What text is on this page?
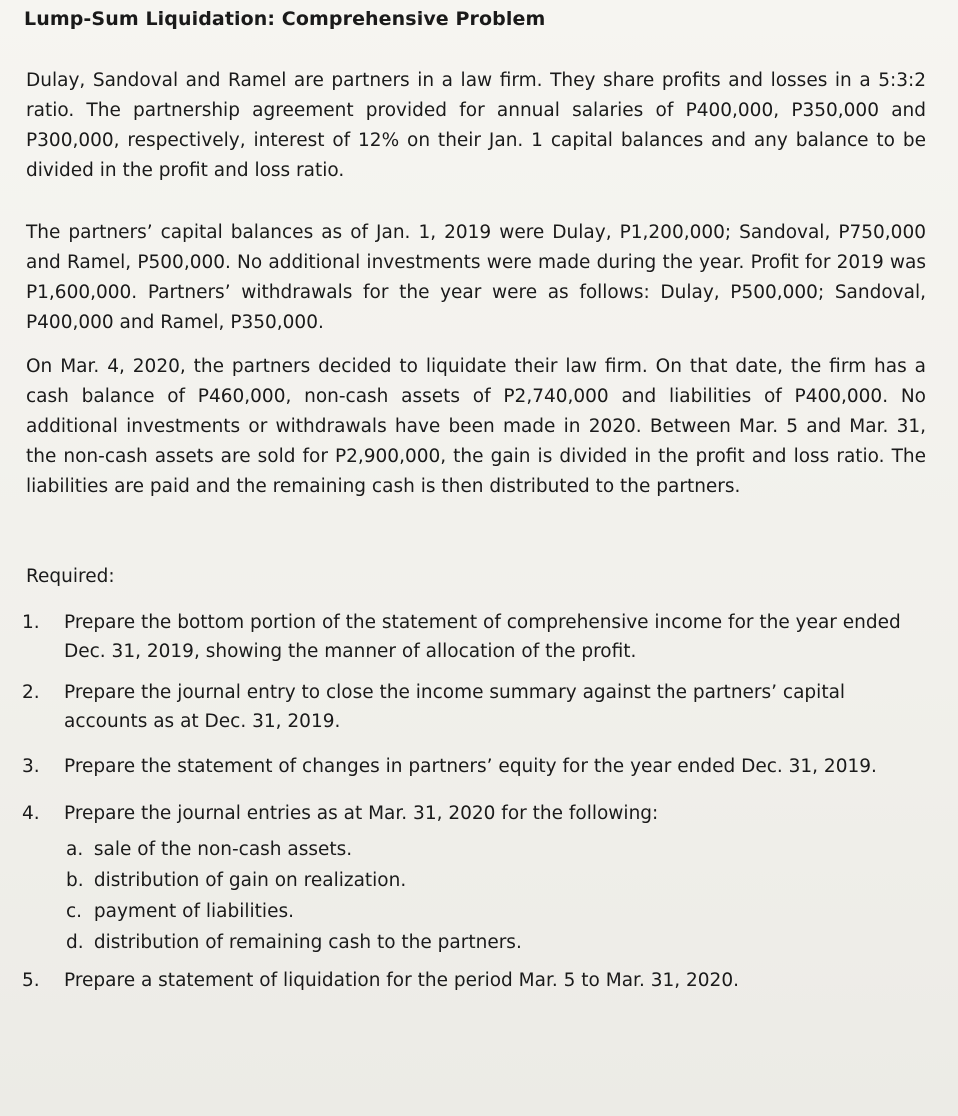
Lump-Sum Liquidation: Comprehensive Problem

Dulay, Sandoval and Ramel are partners in a law firm. They share profits and losses in a 5:3:2 ratio. The partnership agreement provided for annual salaries of P400,000, P350,000 and P300,000, respectively, interest of 12% on their Jan. 1 capital balances and any balance to be divided in the profit and loss ratio.

The partners’ capital balances as of Jan. 1, 2019 were Dulay, P1,200,000; Sandoval, P750,000 and Ramel, P500,000. No additional investments were made during the year. Profit for 2019 was P1,600,000. Partners’ withdrawals for the year were as follows: Dulay, P500,000; Sandoval, P400,000 and Ramel, P350,000.

On Mar. 4, 2020, the partners decided to liquidate their law firm. On that date, the firm has a cash balance of P460,000, non-cash assets of P2,740,000 and liabilities of P400,000. No additional investments or withdrawals have been made in 2020. Between Mar. 5 and Mar. 31, the non-cash assets are sold for P2,900,000, the gain is divided in the profit and loss ratio. The liabilities are paid and the remaining cash is then distributed to the partners.

Required:
1.	Prepare the bottom portion of the statement of comprehensive income for the year ended Dec. 31, 2019, showing the manner of allocation of the profit.
2.	Prepare the journal entry to close the income summary against the partners’ capital accounts as at Dec. 31, 2019.
3.	Prepare the statement of changes in partners’ equity for the year ended Dec. 31, 2019.
4.	Prepare the journal entries as at Mar. 31, 2020 for the following:
a. sale of the non-cash assets.
b. distribution of gain on realization.
c. payment of liabilities.
d. distribution of remaining cash to the partners.
5.	Prepare a statement of liquidation for the period Mar. 5 to Mar. 31, 2020.
